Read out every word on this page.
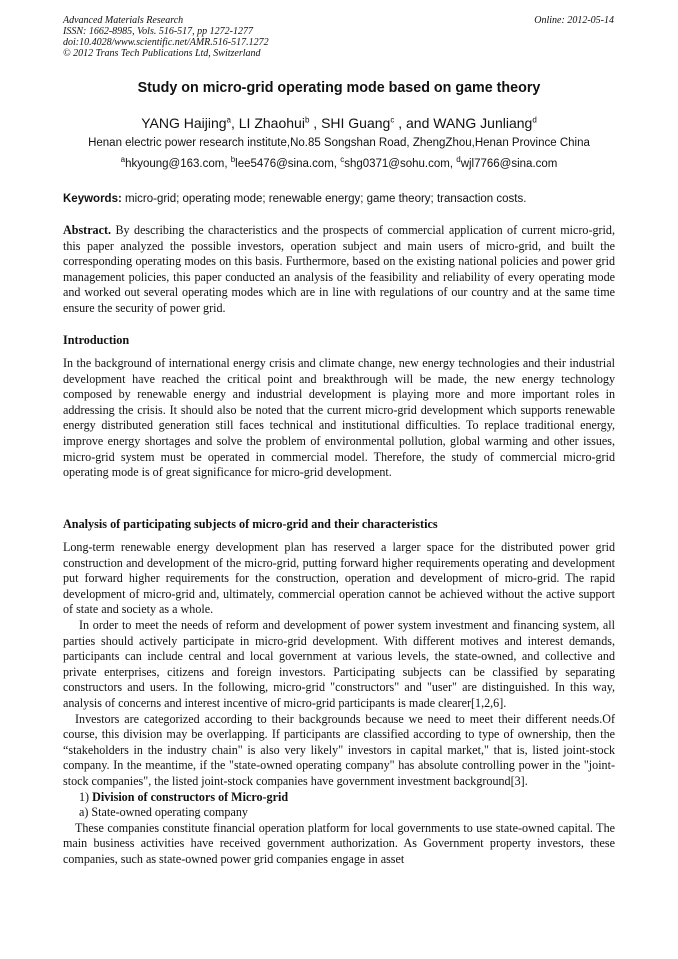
Advanced Materials Research
ISSN: 1662-8985, Vols. 516-517, pp 1272-1277
doi:10.4028/www.scientific.net/AMR.516-517.1272
© 2012 Trans Tech Publications Ltd, Switzerland
Online: 2012-05-14
Study on micro-grid operating mode based on game theory
YANG Haijing$^a$, LI Zhaohui$^b$ , SHI Guang$^c$ , and WANG Junliang$^d$
Henan electric power research institute,No.85 Songshan Road, ZhengZhou,Henan Province China
$^a$hkyoung@163.com, $^b$lee5476@sina.com, $^c$shg0371@sohu.com, $^d$wjl7766@sina.com
Keywords: micro-grid; operating mode; renewable energy; game theory; transaction costs.

Abstract. By describing the characteristics and the prospects of commercial application of current micro-grid, this paper analyzed the possible investors, operation subject and main users of micro-grid, and built the corresponding operating modes on this basis. Furthermore, based on the existing national policies and power grid management policies, this paper conducted an analysis of the feasibility and reliability of every operating mode and worked out several operating modes which are in line with regulations of our country and at the same time ensure the security of power grid.

Introduction

In the background of international energy crisis and climate change, new energy technologies and their industrial development have reached the critical point and breakthrough will be made, the new energy technology composed by renewable energy and industrial development is playing more and more important roles in addressing the crisis. It should also be noted that the current micro-grid development which supports renewable energy distributed generation still faces technical and institutional difficulties. To replace traditional energy, improve energy shortages and solve the problem of environmental pollution, global warming and other issues, micro-grid system must be operated in commercial model. Therefore, the study of commercial micro-grid operating mode is of great significance for micro-grid development.

Analysis of participating subjects of micro-grid and their characteristics

Long-term renewable energy development plan has reserved a larger space for the distributed power grid construction and development of the micro-grid, putting forward higher requirements operating and development put forward higher requirements for the construction, operation and development of micro-grid. The rapid development of micro-grid and, ultimately, commercial operation cannot be achieved without the active support of state and society as a whole.

In order to meet the needs of reform and development of power system investment and financing system, all parties should actively participate in micro-grid development. With different motives and interest demands, participants can include central and local government at various levels, the state-owned, and collective and private enterprises, citizens and foreign investors. Participating subjects can be classified by separating constructors and users. In the following, micro-grid "constructors" and "user" are distinguished. In this way, analysis of concerns and interest incentive of micro-grid participants is made clearer[1,2,6].

Investors are categorized according to their backgrounds because we need to meet their different needs.Of course, this division may be overlapping. If participants are classified according to type of ownership, then the “stakeholders in the industry chain" is also very likely" investors in capital market," that is, listed joint-stock company. In the meantime, if the "state-owned operating company" has absolute controlling power in the "joint-stock companies", the listed joint-stock companies have government investment background[3].

1) Division of constructors of Micro-grid

a) State-owned operating company

These companies constitute financial operation platform for local governments to use state-owned capital. The main business activities have received government authorization. As Government property investors, these companies, such as state-owned power grid companies engage in asset
